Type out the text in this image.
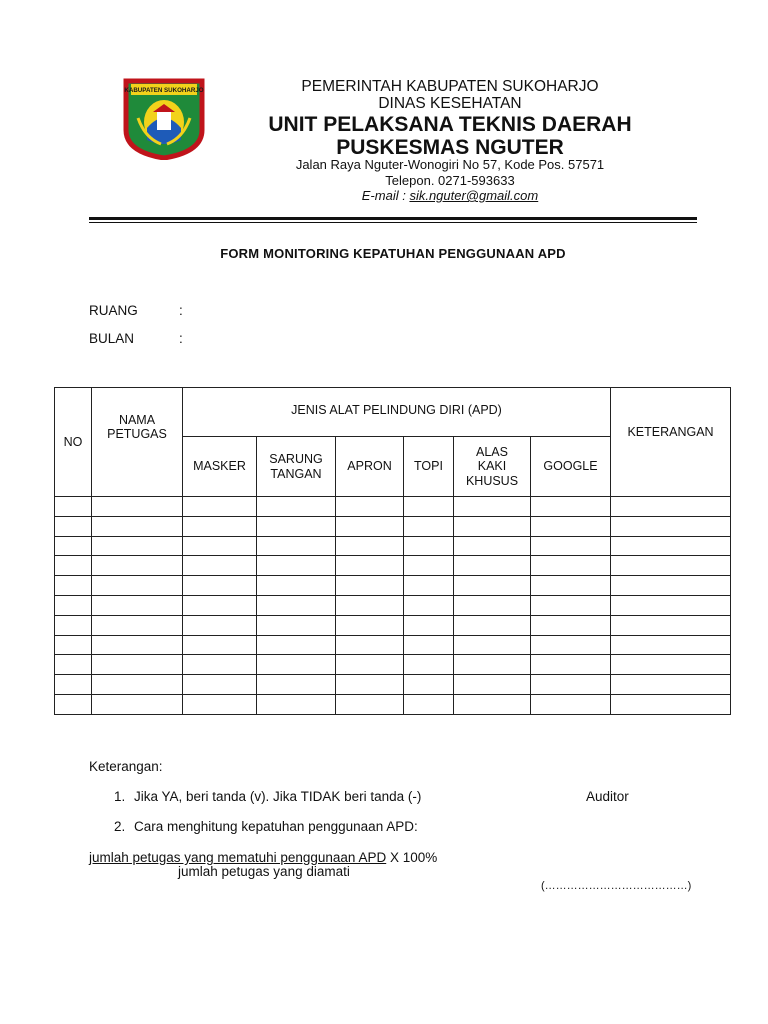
KABUPATEN SUKOHARJO	PEMERINTAH KABUPATEN SUKOHARJO
DINAS KESEHATAN
UNIT PELAKSANA TEKNIS DAERAH
PUSKESMAS NGUTER
Jalan Raya Nguter-Wonogiri No 57, Kode Pos. 57571
Telepon. 0271-593633
E-mail : sik.nguter@gmail.com
FORM MONITORING KEPATUHAN PENGGUNAAN APD
RUANG	:
BULAN	:
NO	NAMA PETUGAS	JENIS ALAT PELINDUNG DIRI (APD)						KETERANGAN

		MASKER	SARUNG TANGAN	APRON	TOPI	ALAS KAKI KHUSUS	GOOGLE	

Keterangan:
1. Jika YA, beri tanda (v). Jika TIDAK beri tanda (-)	Auditor
2. Cara menghitung kepatuhan penggunaan APD:
jumlah petugas yang mematuhi penggunaan APD X 100%
jumlah petugas yang diamati
(…………………………………)
